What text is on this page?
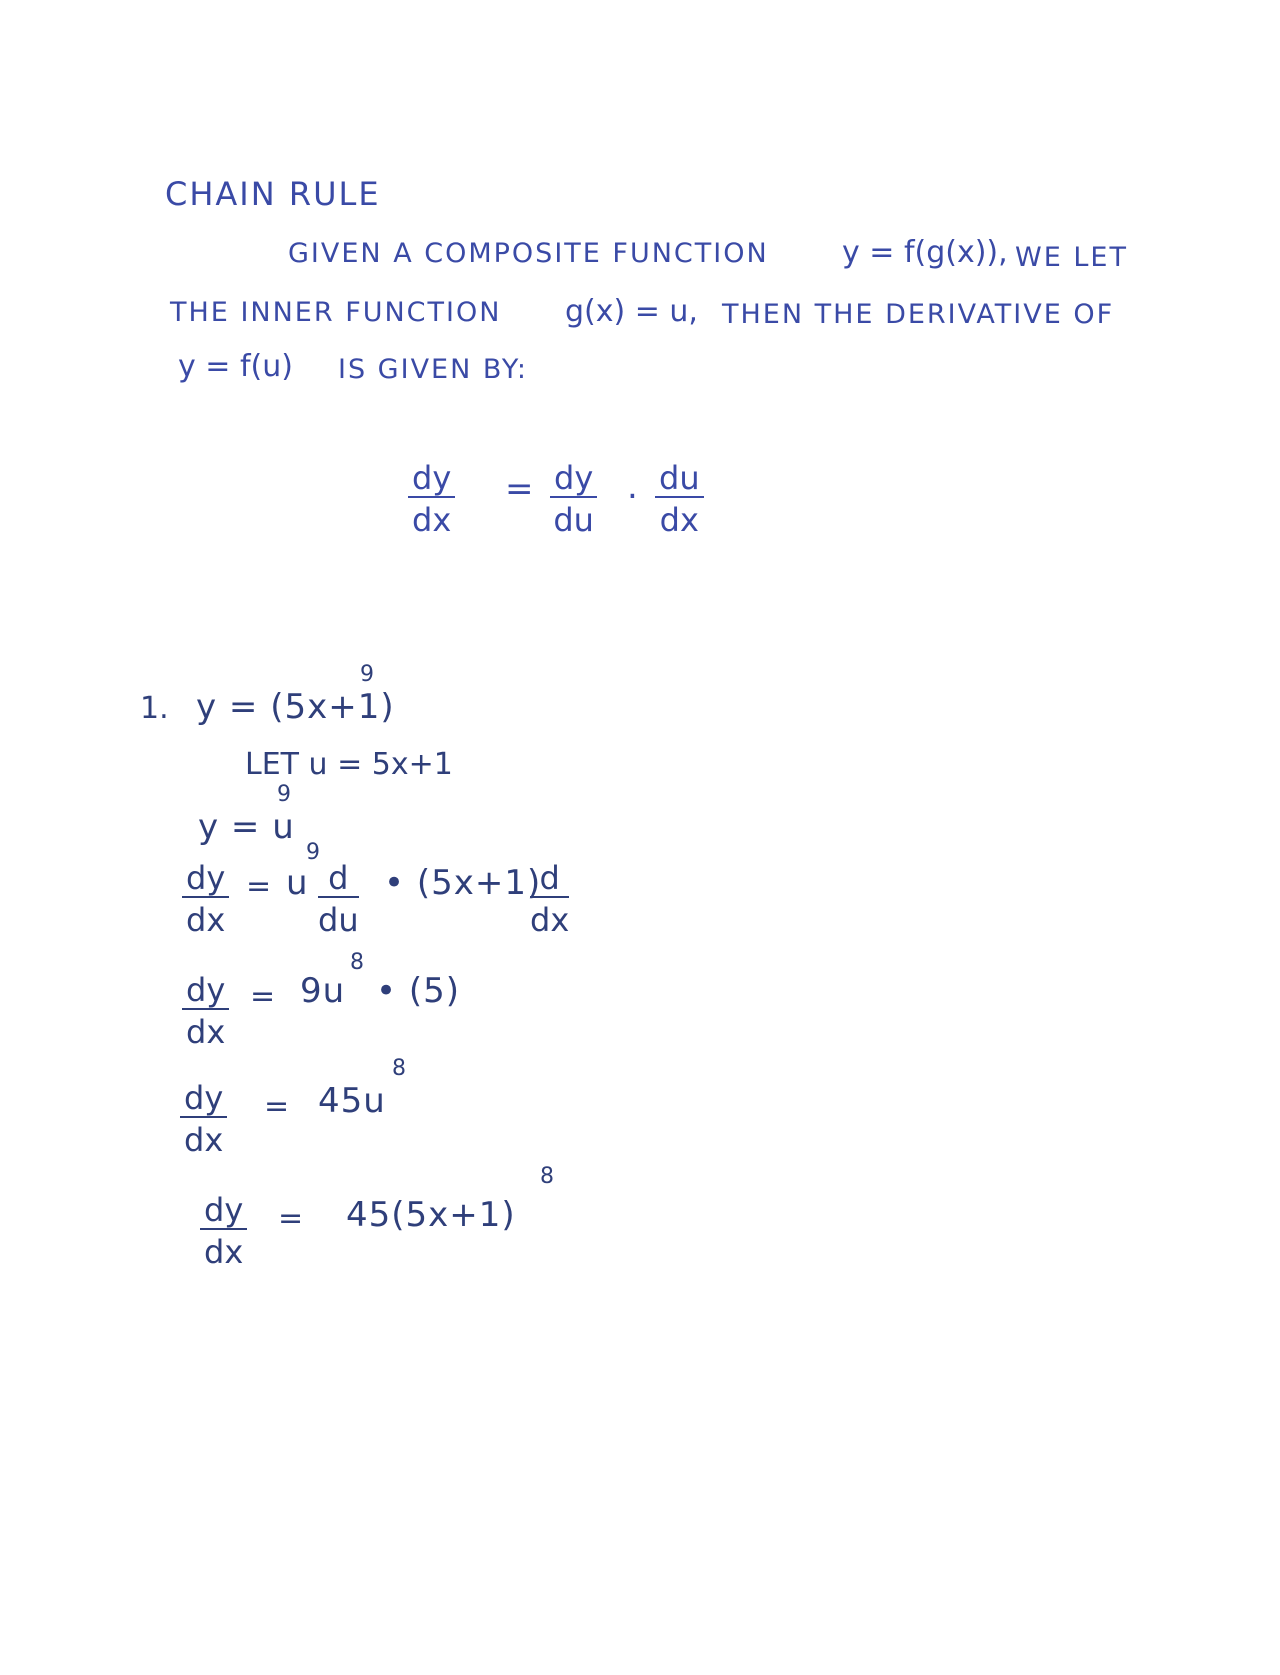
CHAIN RULE
GIVEN A COMPOSITE FUNCTION y = f(g(x)), WE LET
THE INNER FUNCTION g(x) = u, THEN THE DERIVATIVE OF
y = f(u) IS GIVEN BY:
$\frac{dy}{dx} = \frac{dy}{du}$ . $\frac{du}{dx}$
1. y = (5x+1)
9
LET u = 5x+1
y = u
9
$\frac{dy}{dx} = u$
9
$\frac{d}{du}$ • (5x+1)
$\frac{d}{dx}$
$\frac{dy}{dx} = 9u$
8
• (5)
$\frac{dy}{dx} = 45u$
8
$\frac{dy}{dx} = 45(5x+1)$
8
